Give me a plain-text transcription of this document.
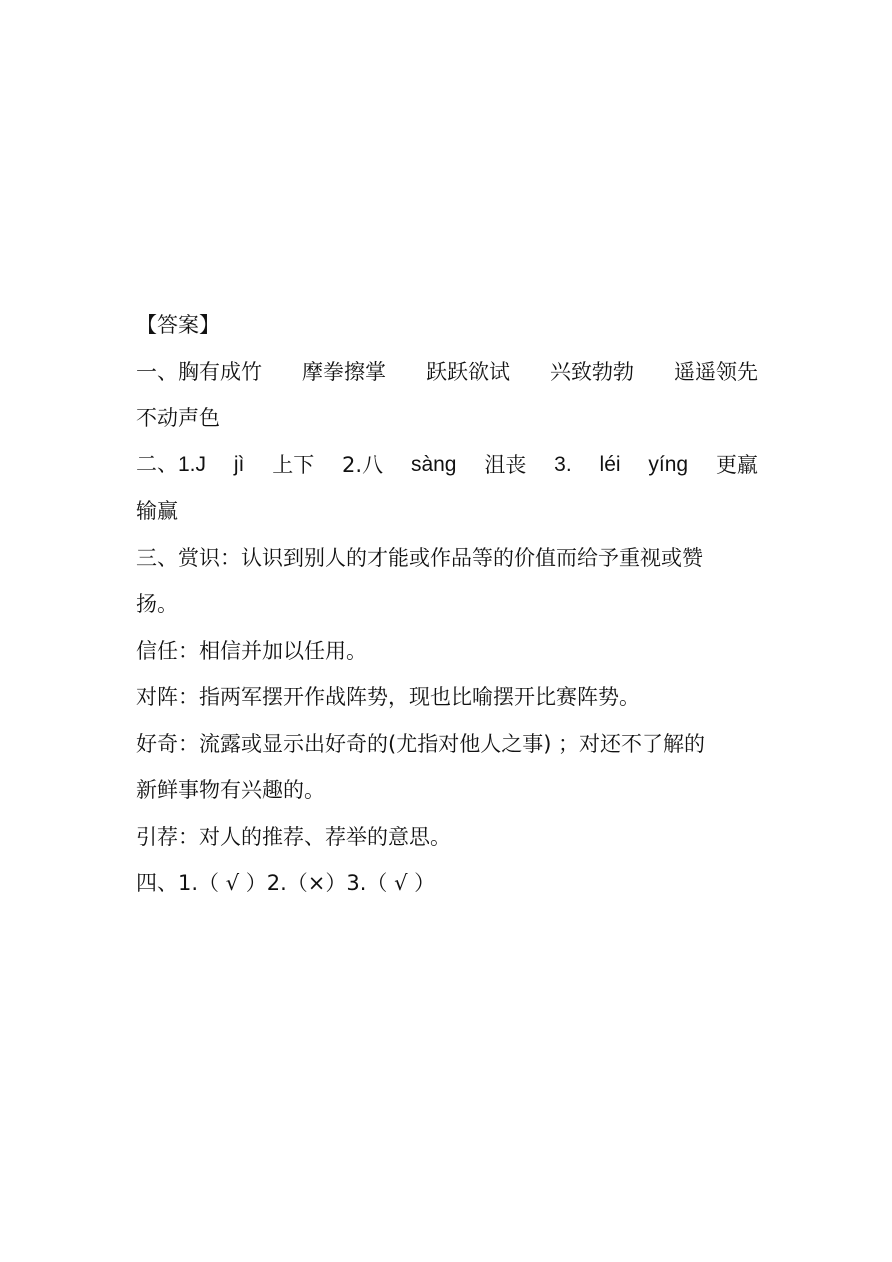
【答案】
一、胸有成竹 摩拳擦掌 跃跃欲试 兴致勃勃 遥遥领先
不动声色
二、1.J jì 上下 2.八 sàng 沮丧 3. léi yíng 更羸
输赢
三、赏识：认识到别人的才能或作品等的价值而给予重视或赞
扬。
信任：相信并加以任用。
对阵：指两军摆开作战阵势，现也比喻摆开比赛阵势。
好奇：流露或显示出好奇的(尤指对他人之事) ；对还不了解的
新鲜事物有兴趣的。
引荐：对人的推荐、荐举的意思。
四、1.（ √ ）2.（×）3.（ √ ）
